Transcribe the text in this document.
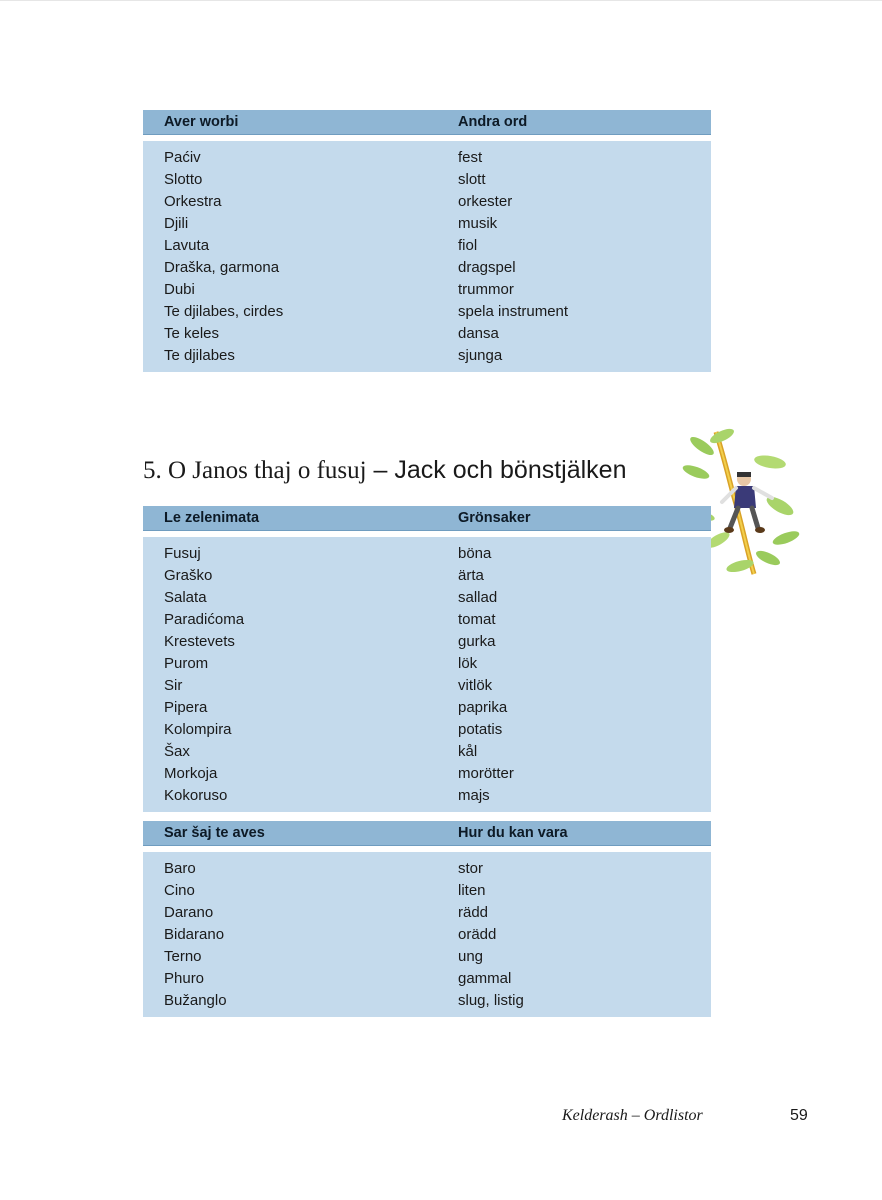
Aver worbi	Andra ord
Paćiv	fest
Slotto	slott
Orkestra	orkester
Djili	musik
Lavuta	fiol
Draška, garmona	dragspel
Dubi	trummor
Te djilabes, cirdes	spela instrument
Te keles	dansa
Te djilabes	sjunga
5. O Janos thaj o fusuj – Jack och bönstjälken
Le zelenimata	Grönsaker
Fusuj	böna
Graško	ärta
Salata	sallad
Paradićoma	tomat
Krestevets	gurka
Purom	lök
Sir	vitlök
Pipera	paprika
Kolompira	potatis
Šax	kål
Morkoja	morötter
Kokoruso	majs
Sar šaj te aves	Hur du kan vara
Baro	stor
Cino	liten
Darano	rädd
Bidarano	orädd
Terno	ung
Phuro	gammal
Bužanglo	slug, listig
Kelderash – Ordlistor	59
